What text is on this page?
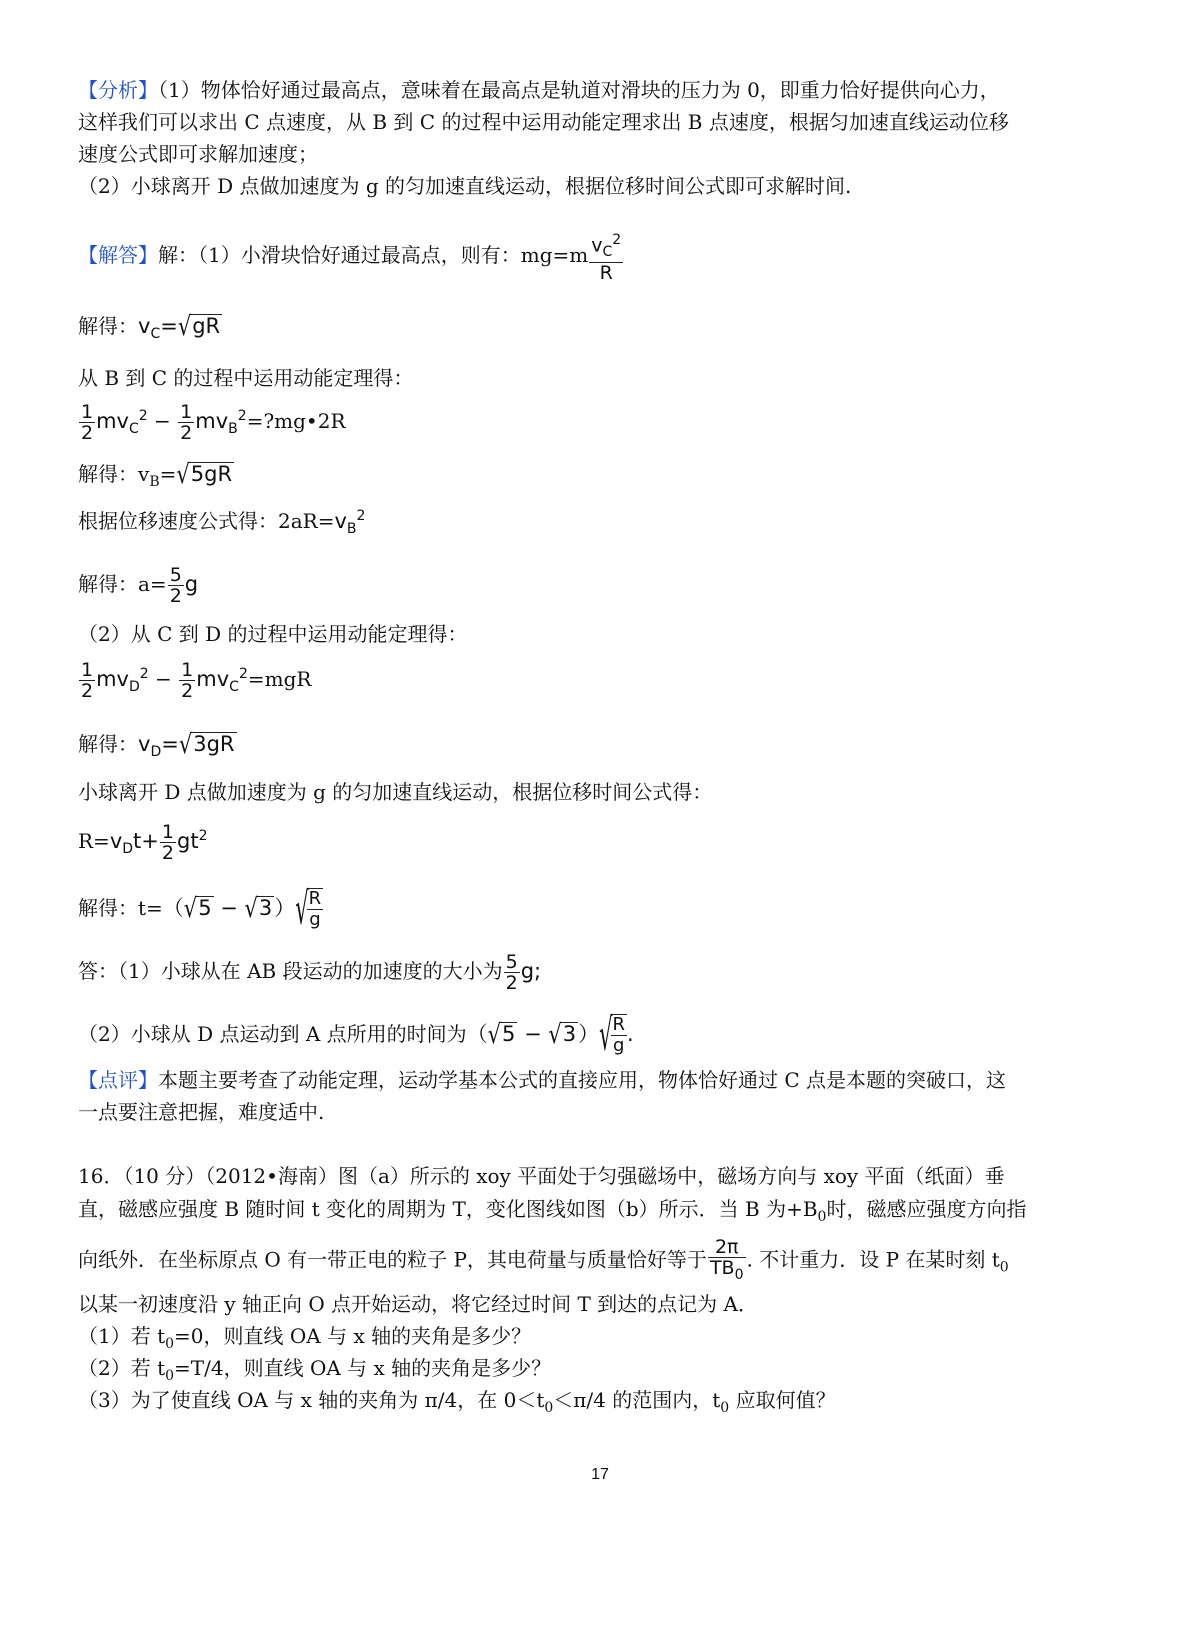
【分析】（1）物体恰好通过最高点，意味着在最高点是轨道对滑块的压力为 0，即重力恰好提供向心力，
这样我们可以求出 C 点速度，从 B 到 C 的过程中运用动能定理求出 B 点速度，根据匀加速直线运动位移
速度公式即可求解加速度；
（2）小球离开 D 点做加速度为 g 的匀加速直线运动，根据位移时间公式即可求解时间.
【解答】解：（1）小滑块恰好通过最高点，则有：$mg=m \frac{v_C^2}{R}$
解得：$v_C=√gR$
从 B 到 C 的过程中运用动能定理得：
$\frac{1}{2} mv_C^2 - \frac{1}{2}$ $mv_B^2=?mg•2R$
解得：$v_B=√5gR$
根据位移速度公式得：$2aR=v_B^2$
解得：$a= \frac{5}{2}$ g
（2）从 C 到 D 的过程中运用动能定理得：
$\frac{1}{2} mv_D^2 - \frac{1}{2} mv_C^2=mgR$
解得：$v_D=√3gR$
小球离开 D 点做加速度为 g 的匀加速直线运动，根据位移时间公式得：
$R=v_Dt+ \frac{1}{2} gt^2$
解得：t=（√5 − √3）√
$\frac{R}{g}$
答：（1）小球从在 AB 段运动的加速度的大小为 $\frac{5}{2} g$;
（2）小球从 D 点运动到 A 点所用的时间为（√5 − √3）√
$\frac{R}{g}$ .
【点评】本题主要考查了动能定理，运动学基本公式的直接应用，物体恰好通过 C 点是本题的突破口，这
一点要注意把握，难度适中.
16．（10 分）（2012•海南）图（a）所示的 xoy 平面处于匀强磁场中，磁场方向与 xoy 平面（纸面）垂
直，磁感应强度 B 随时间 t 变化的周期为 T，变化图线如图（b）所示．当 B 为$+B_0$时，磁感应强度方向指
向纸外．在坐标原点 O 有一带正电的粒子 P，其电荷量与质量恰好等于 $\frac{2\pi}{TB_0}$ . 不计重力．设 P 在某时刻 $t_0$
以某一初速度沿 y 轴正向 O 点开始运动，将它经过时间 T 到达的点记为 A．
（1）若 $t_0=0$，则直线 OA 与 x 轴的夹角是多少？
（2）若 $t_0=T/4$，则直线 OA 与 x 轴的夹角是多少？
（3）为了使直线 OA 与 x 轴的夹角为 π/4，在 $0<t_0<\pi/4$ 的范围内，$t_0$ 应取何值？
17
